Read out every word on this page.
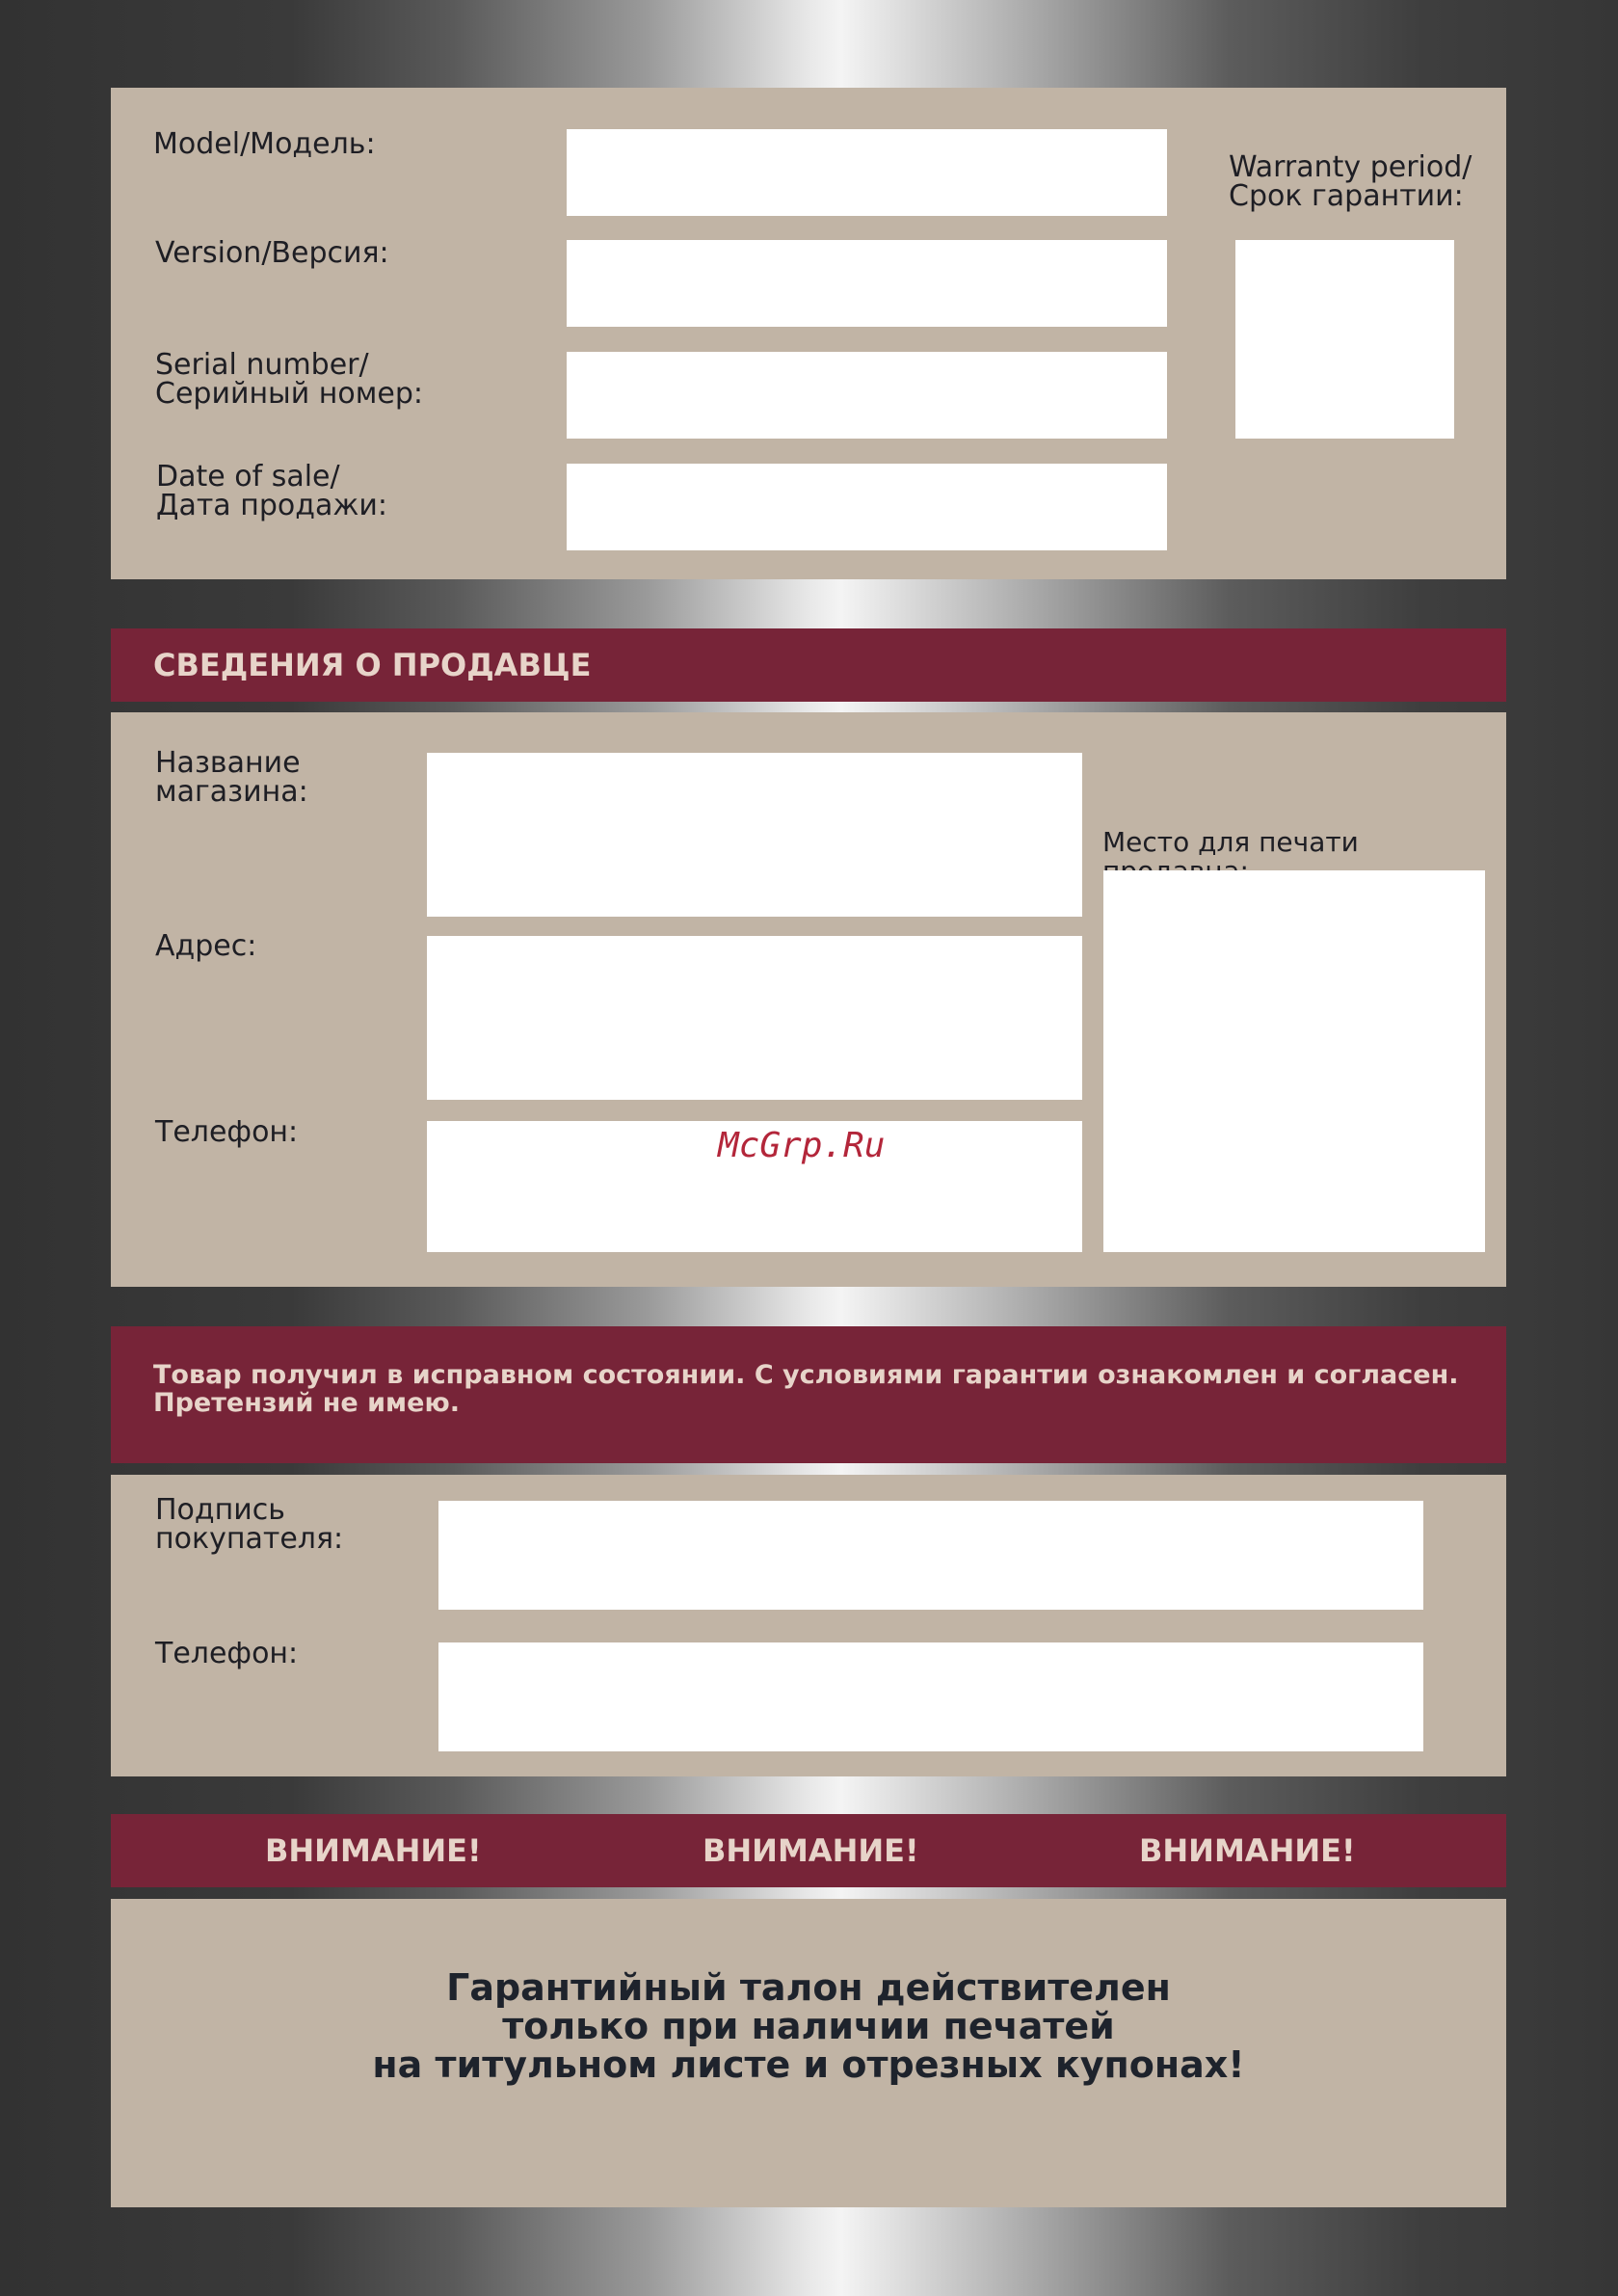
Model/Модель:
Version/Версия:
Serial number/
Серийный номер:
Date of sale/
Дата продажи:
Warranty period/
Срок гарантии:
СВЕДЕНИЯ О ПРОДАВЦЕ
Название
магазина:
Адрес:
Телефон:
Место для печати
McGrp.Ru
Товар получил в исправном состоянии. С условиями гарантии ознакомлен и согласен.
Претензий не имею.
Подпись
покупателя:
Телефон:
ВНИМАНИЕ!	ВНИМАНИЕ!	ВНИМАНИЕ!
Гарантийный талон действителен
только при наличии печатей
на титульном листе и отрезных купонах!
